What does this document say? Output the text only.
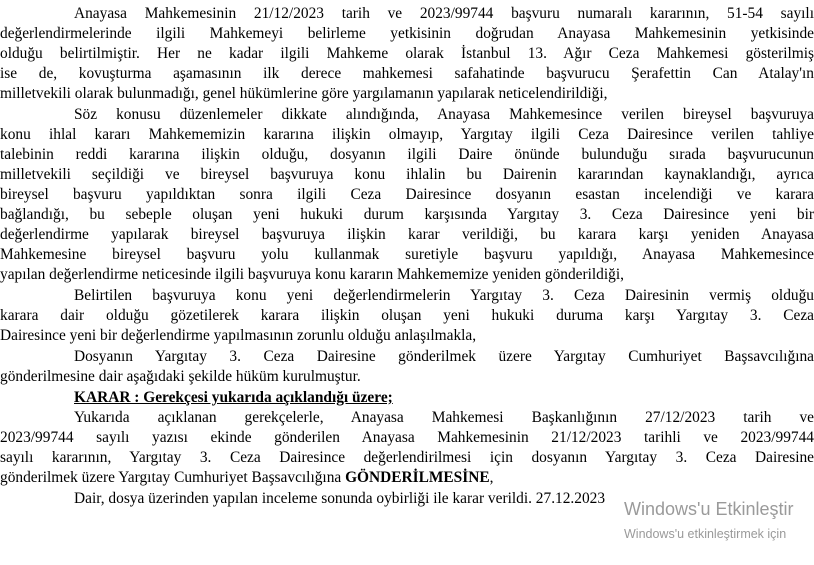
Anayasa Mahkemesinin 21/12/2023 tarih ve 2023/99744 başvuru numaralı kararının, 51-54 sayılı
değerlendirmelerinde ilgili Mahkemeyi belirleme yetkisinin doğrudan Anayasa Mahkemesinin yetkisinde
olduğu belirtilmiştir. Her ne kadar ilgili Mahkeme olarak İstanbul 13. Ağır Ceza Mahkemesi gösterilmiş
ise de, kovuşturma aşamasının ilk derece mahkemesi safahatinde başvurucu Şerafettin Can Atalay'ın
milletvekili olarak bulunmadığı, genel hükümlerine göre yargılamanın yapılarak neticelendirildiği,
Söz konusu düzenlemeler dikkate alındığında, Anayasa Mahkemesince verilen bireysel başvuruya
konu ihlal kararı Mahkememizin kararına ilişkin olmayıp, Yargıtay ilgili Ceza Dairesince verilen tahliye
talebinin reddi kararına ilişkin olduğu, dosyanın ilgili Daire önünde bulunduğu sırada başvurucunun
milletvekili seçildiği ve bireysel başvuruya konu ihlalin bu Dairenin kararından kaynaklandığı, ayrıca
bireysel başvuru yapıldıktan sonra ilgili Ceza Dairesince dosyanın esastan incelendiği ve karara
bağlandığı, bu sebeple oluşan yeni hukuki durum karşısında Yargıtay 3. Ceza Dairesince yeni bir
değerlendirme yapılarak bireysel başvuruya ilişkin karar verildiği, bu karara karşı yeniden Anayasa
Mahkemesine bireysel başvuru yolu kullanmak suretiyle başvuru yapıldığı, Anayasa Mahkemesince
yapılan değerlendirme neticesinde ilgili başvuruya konu kararın Mahkememize yeniden gönderildiği,
Belirtilen başvuruya konu yeni değerlendirmelerin Yargıtay 3. Ceza Dairesinin vermiş olduğu
karara dair olduğu gözetilerek karara ilişkin oluşan yeni hukuki duruma karşı Yargıtay 3. Ceza
Dairesince yeni bir değerlendirme yapılmasının zorunlu olduğu anlaşılmakla,
Dosyanın Yargıtay 3. Ceza Dairesine gönderilmek üzere Yargıtay Cumhuriyet Başsavcılığına
gönderilmesine dair aşağıdaki şekilde hüküm kurulmuştur.
KARAR : Gerekçesi yukarıda açıklandığı üzere;
Yukarıda açıklanan gerekçelerle, Anayasa Mahkemesi Başkanlığının 27/12/2023 tarih ve
2023/99744 sayılı yazısı ekinde gönderilen Anayasa Mahkemesinin 21/12/2023 tarihli ve 2023/99744
sayılı kararının, Yargıtay 3. Ceza Dairesince değerlendirilmesi için dosyanın Yargıtay 3. Ceza Dairesine
gönderilmek üzere Yargıtay Cumhuriyet Başsavcılığına GÖNDERİLMESİNE,
Dair, dosya üzerinden yapılan inceleme sonunda oybirliği ile karar verildi. 27.12.2023
Windows'u Etkinleştir
Windows'u etkinleştirmek için
